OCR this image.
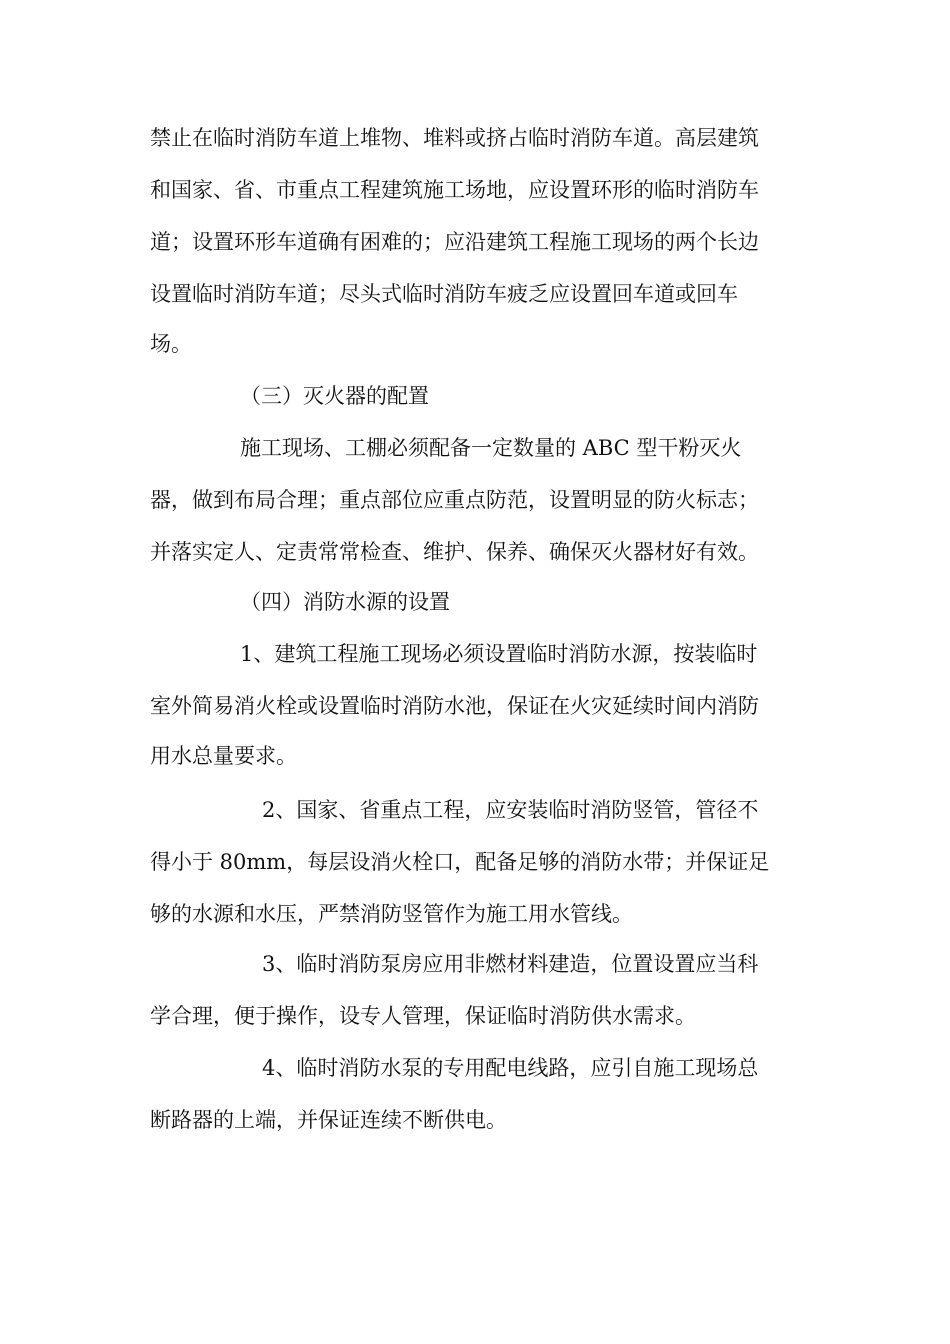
禁止在临时消防车道上堆物、堆料或挤占临时消防车道。高层建筑
和国家、省、市重点工程建筑施工场地，应设置环形的临时消防车
道；设置环形车道确有困难的；应沿建筑工程施工现场的两个长边
设置临时消防车道；尽头式临时消防车疲乏应设置回车道或回车
场。
（三）灭火器的配置
施工现场、工棚必须配备一定数量的 ABC 型干粉灭火
器，做到布局合理；重点部位应重点防范，设置明显的防火标志；
并落实定人、定责常常检查、维护、保养、确保灭火器材好有效。
（四）消防水源的设置
1、建筑工程施工现场必须设置临时消防水源，按装临时
室外简易消火栓或设置临时消防水池，保证在火灾延续时间内消防
用水总量要求。
2、国家、省重点工程，应安装临时消防竖管，管径不
得小于 80mm，每层设消火栓口，配备足够的消防水带；并保证足
够的水源和水压，严禁消防竖管作为施工用水管线。
3、临时消防泵房应用非燃材料建造，位置设置应当科
学合理，便于操作，设专人管理，保证临时消防供水需求。
4、临时消防水泵的专用配电线路，应引自施工现场总
断路器的上端，并保证连续不断供电。
